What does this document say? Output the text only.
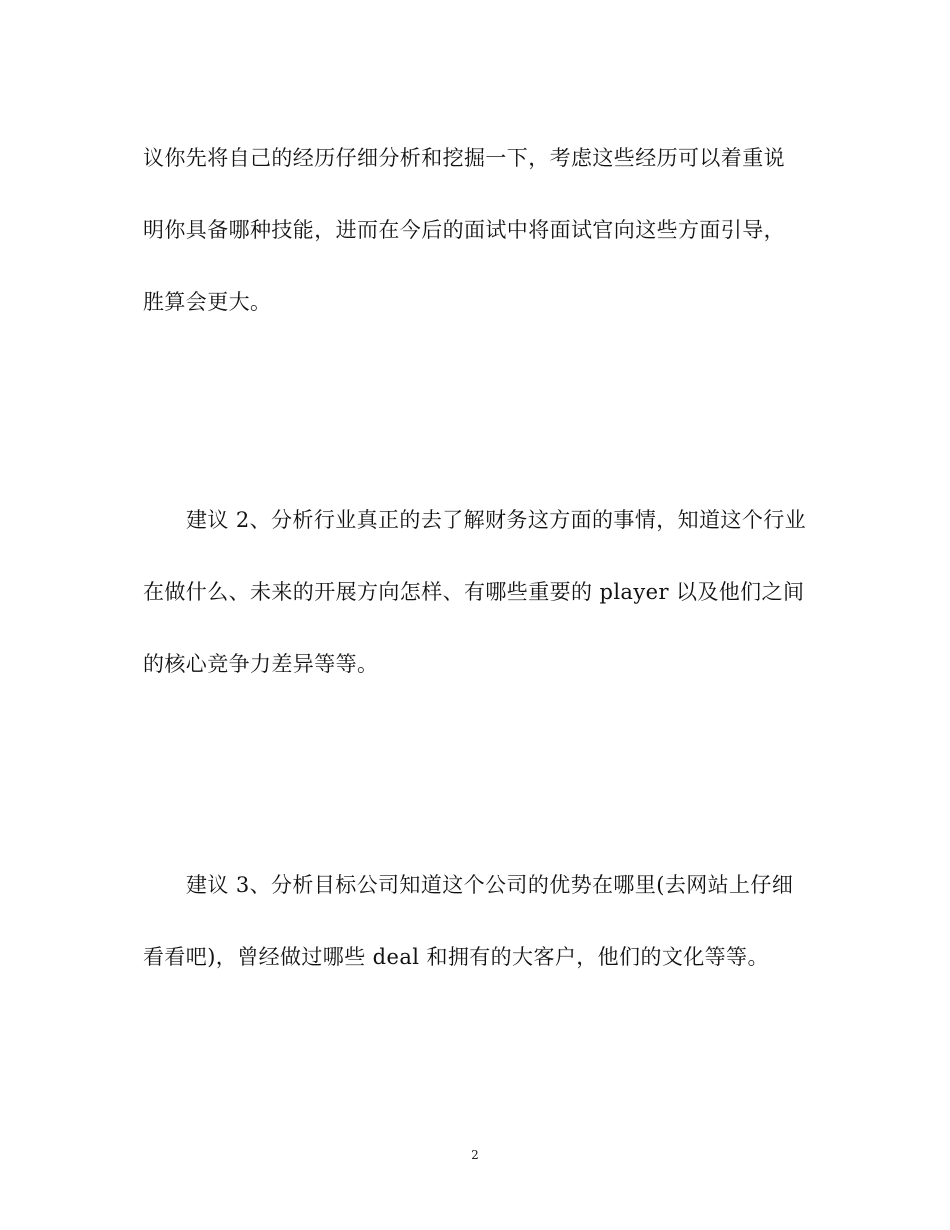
议你先将自己的经历仔细分析和挖掘一下，考虑这些经历可以着重说
明你具备哪种技能，进而在今后的面试中将面试官向这些方面引导，
胜算会更大。
建议 2、分析行业真正的去了解财务这方面的事情，知道这个行业
在做什么、未来的开展方向怎样、有哪些重要的 player 以及他们之间
的核心竞争力差异等等。
建议 3、分析目标公司知道这个公司的优势在哪里(去网站上仔细
看看吧)，曾经做过哪些 deal 和拥有的大客户，他们的文化等等。
2
